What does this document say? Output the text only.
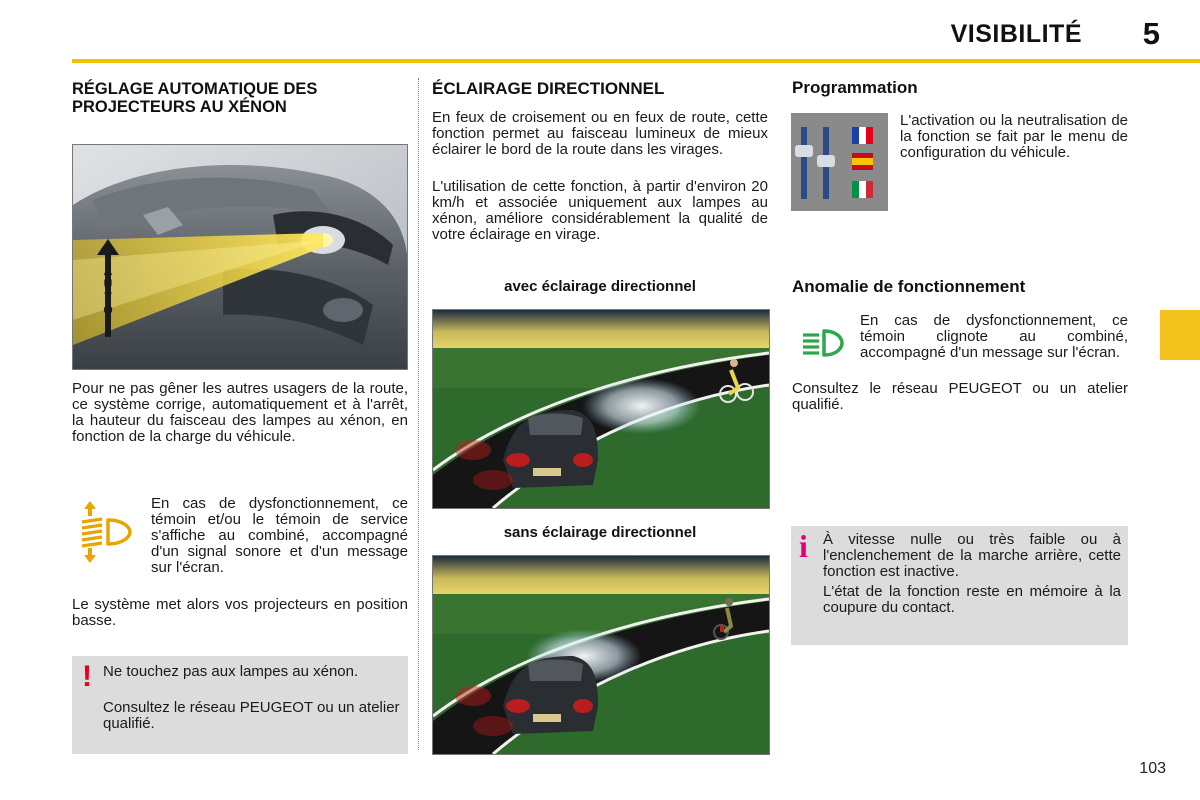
VISIBILITÉ 5
RÉGLAGE AUTOMATIQUE DES
PROJECTEURS AU XÉNON
AUTO

Pour ne pas gêner les autres usagers de la route, ce système corrige, automatiquement et à l'arrêt, la hauteur du faisceau des lampes au xénon, en fonction de la charge du véhicule.

En cas de dysfonctionnement, ce témoin et/ou le témoin de service s'affiche au combiné, accompagné d'un signal sonore et d'un message sur l'écran.

Le système met alors vos projecteurs en position basse.

! Ne touchez pas aux lampes au xénon.

Consultez le réseau PEUGEOT ou un atelier qualifié.

ÉCLAIRAGE DIRECTIONNEL

En feux de croisement ou en feux de route, cette fonction permet au faisceau lumineux de mieux éclairer le bord de la route dans les virages.

L'utilisation de cette fonction, à partir d'environ 20 km/h et associée uniquement aux lampes au xénon, améliore considérablement la qualité de votre éclairage en virage.

avec éclairage directionnel
sans éclairage directionnel
Programmation

L'activation ou la neutralisation de la fonction se fait par le menu de configuration du véhicule.

Anomalie de fonctionnement

En cas de dysfonctionnement, ce témoin clignote au combiné, accompagné d'un message sur l'écran.

Consultez le réseau PEUGEOT ou un atelier qualifié.

i À vitesse nulle ou très faible ou à l'enclenchement de la marche arrière, cette fonction est inactive.

L'état de la fonction reste en mémoire à la coupure du contact.

103
